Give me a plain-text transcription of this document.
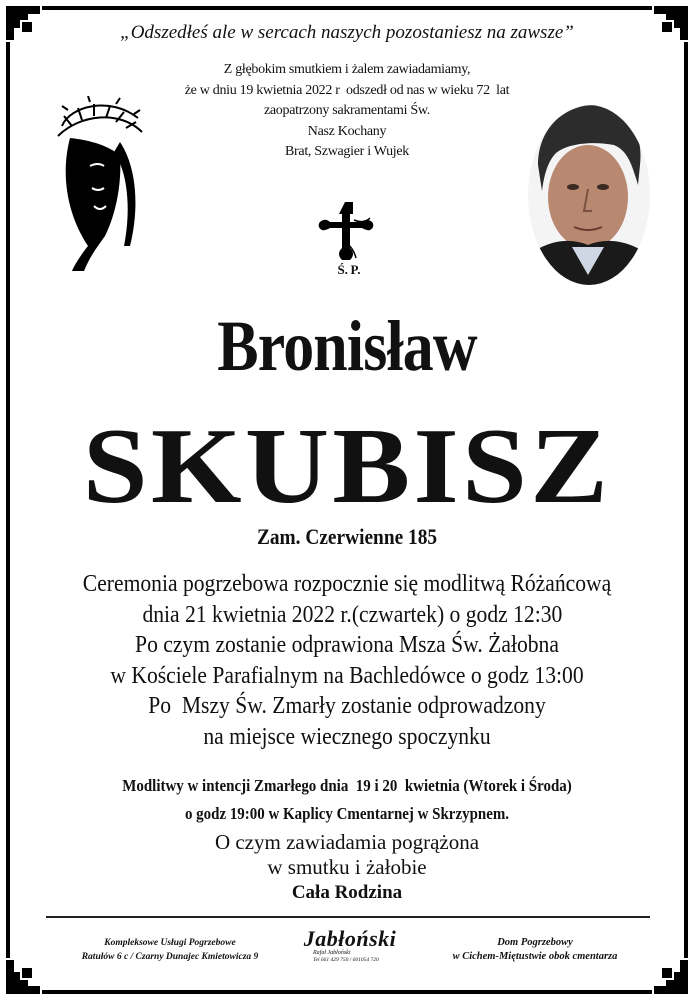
„Odszedłeś ale w sercach naszych pozostaniesz na zawsze”
Z głębokim smutkiem i żalem zawiadamiamy,
że w dniu 19 kwietnia 2022 r  odszedł od nas w wieku 72  lat
zaopatrzony sakramentami Św.
Nasz Kochany
Brat, Szwagier i Wujek
Ś. P.
Bronisław
SKUBISZ
Zam. Czerwienne 185
Ceremonia pogrzebowa rozpocznie się modlitwą Różańcową
dnia 21 kwietnia 2022 r.(czwartek) o godz 12:30
Po czym zostanie odprawiona Msza Św. Żałobna
w Kościele Parafialnym na Bachledówce o godz 13:00
Po  Mszy Św. Zmarły zostanie odprowadzony
na miejsce wiecznego spoczynku
Modlitwy w intencji Zmarłego dnia  19 i 20  kwietnia (Wtorek i Środa)
o godz 19:00 w Kaplicy Cmentarnej w Skrzypnem.
O czym zawiadamia pogrążona
w smutku i żałobie
Cała Rodzina
Kompleksowe Usługi Pogrzebowe
Ratułów 6 c / Czarny Dunajec Kmietowicza 9
Jabłoński
Rafał Jabłoński
Tel 661 429 750 / 601054 720
Dom Pogrzebowy
w Cichem-Miętustwie obok cmentarza
